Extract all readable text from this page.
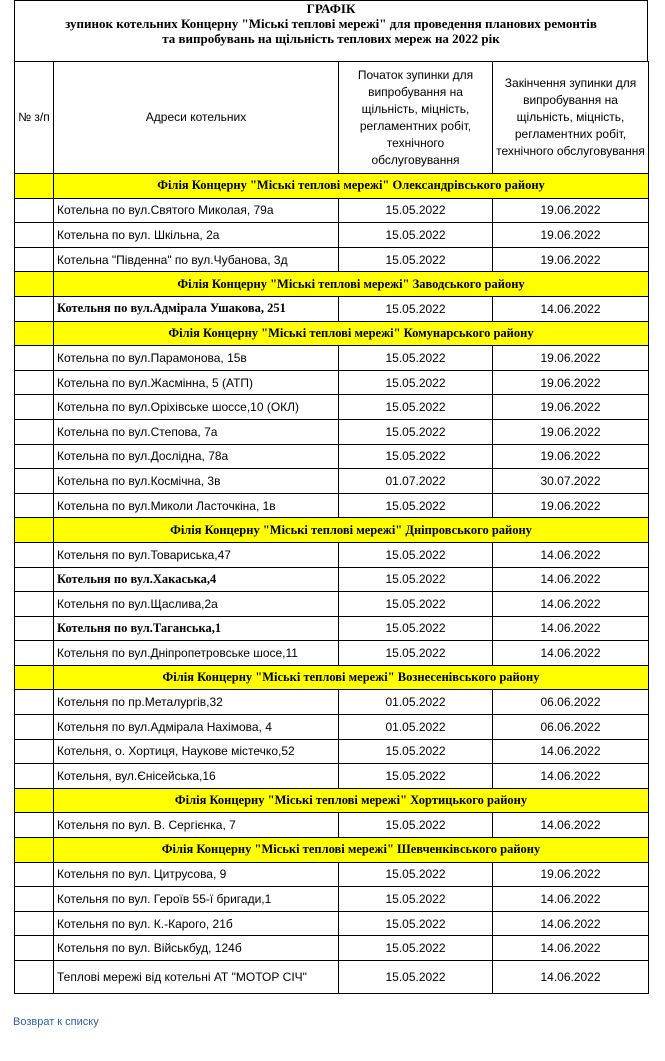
ГРАФІК
зупинок котельних Концерну "Міські теплові мережі" для проведення планових ремонтів
та випробувань на щільність теплових мереж на 2022 рік
№ з/п	Адреси котельних	Початок зупинки для випробування на щільність, міцність, регламентних робіт, технічного обслуговування	Закінчення зупинки для випробування на щільність, міцність, регламентних робіт, технічного обслуговування
	Філія Концерну "Міські теплові мережі" Олександрівського району		
	Котельна по вул.Святого Миколая, 79а	15.05.2022	19.06.2022
	Котельна по вул. Шкільна, 2а	15.05.2022	19.06.2022
	Котельна "Південна" по вул.Чубанова, 3д	15.05.2022	19.06.2022
	Філія Концерну "Міські теплові мережі" Заводського району		
	Котельня по вул.Адмірала Ушакова, 251	15.05.2022	14.06.2022
	Філія Концерну "Міські теплові мережі" Комунарського району		
	Котельна по вул.Парамонова, 15в	15.05.2022	19.06.2022
	Котельна по вул.Жасмінна, 5 (АТП)	15.05.2022	19.06.2022
	Котельна по вул.Оріхівське шоссе,10 (ОКЛ)	15.05.2022	19.06.2022
	Котельна по вул.Степова, 7а	15.05.2022	19.06.2022
	Котельна по вул.Дослідна, 78а	15.05.2022	19.06.2022
	Котельна по вул.Космічна, 3в	01.07.2022	30.07.2022
	Котельна по вул.Миколи Ласточкіна, 1в	15.05.2022	19.06.2022
	Філія Концерну "Міські теплові мережі" Дніпровського району		
	Котельня по вул.Товариська,47	15.05.2022	14.06.2022
	Котельня по вул.Хакаська,4	15.05.2022	14.06.2022
	Котельня по вул.Щаслива,2а	15.05.2022	14.06.2022
	Котельня по вул.Таганська,1	15.05.2022	14.06.2022
	Котельня по вул.Дніпропетровське шосе,11	15.05.2022	14.06.2022
	Філія Концерну "Міські теплові мережі" Вознесенівського району		
	Котельня по пр.Металургів,32	01.05.2022	06.06.2022
	Котельня по вул.Адмірала Нахімова, 4	01.05.2022	06.06.2022
	Котельня, о. Хортиця, Наукове містечко,52	15.05.2022	14.06.2022
	Котельня, вул.Єнісейська,16	15.05.2022	14.06.2022
	Філія Концерну "Міські теплові мережі" Хортицького району		
	Котельня по вул. В. Сергієнка, 7	15.05.2022	14.06.2022
	Філія Концерну "Міські теплові мережі" Шевченківського району		
	Котельня по вул. Цитрусова, 9	15.05.2022	19.06.2022
	Котельня по вул. Героїв 55-ї бригади,1	15.05.2022	14.06.2022
	Котельня по вул. К.-Карого, 21б	15.05.2022	14.06.2022
	Котельня по вул. Військбуд, 124б	15.05.2022	14.06.2022
	Теплові мережі від котельні АТ "МОТОР СІЧ"	15.05.2022	14.06.2022
Возврат к списку
